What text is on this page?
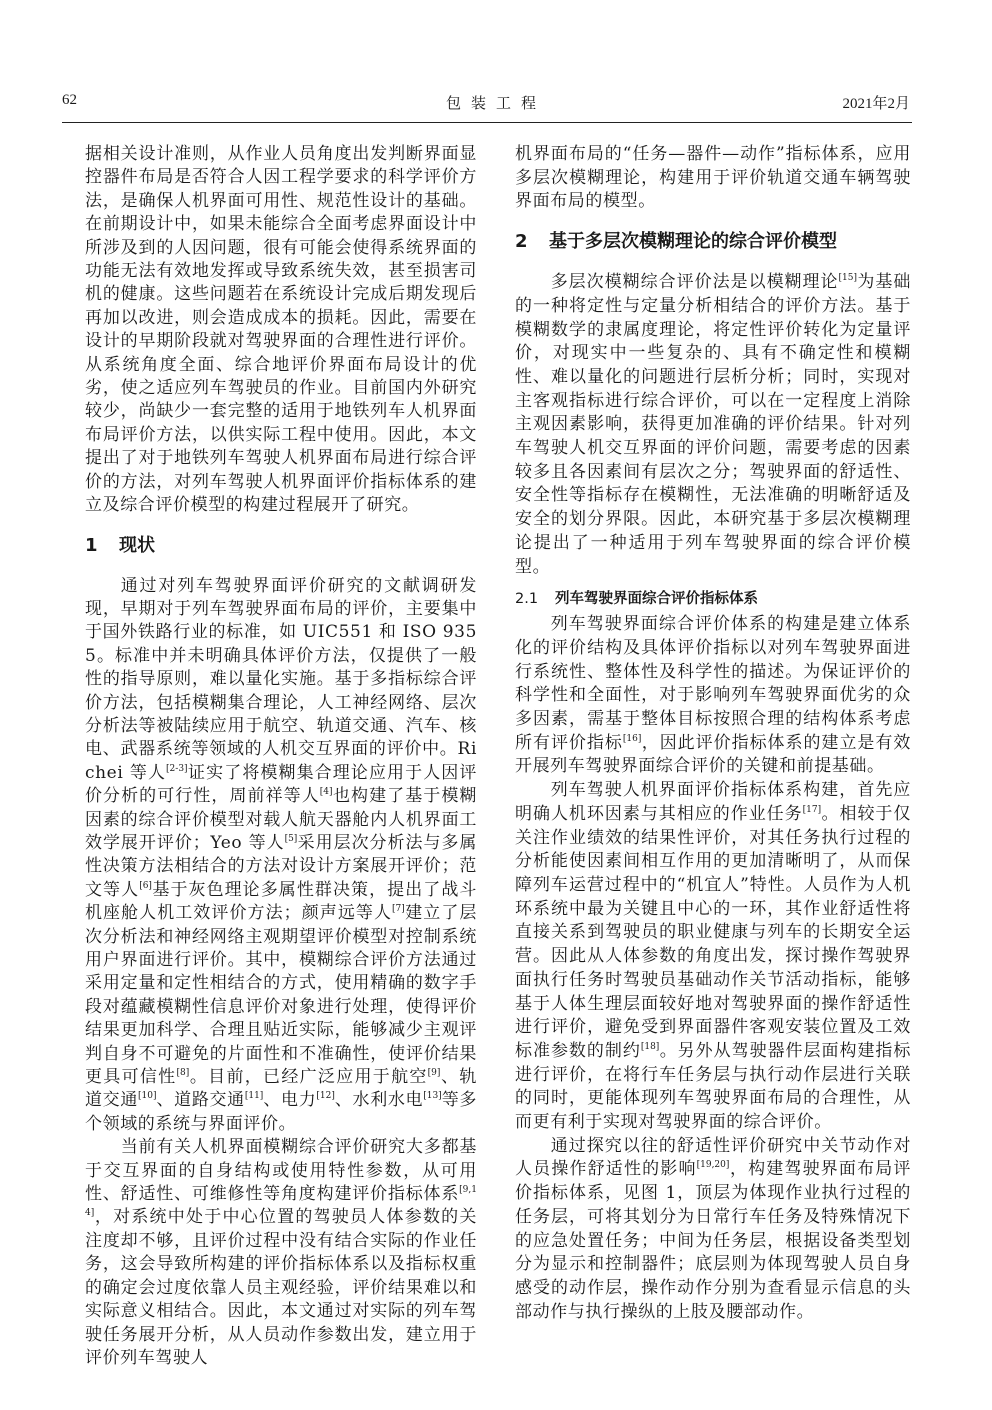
62	包装工程	2021年2月
据相关设计准则，从作业人员角度出发判断界面显控器件布局是否符合人因工程学要求的科学评价方法，是确保人机界面可用性、规范性设计的基础。在前期设计中，如果未能综合全面考虑界面设计中所涉及到的人因问题，很有可能会使得系统界面的功能无法有效地发挥或导致系统失效，甚至损害司机的健康。这些问题若在系统设计完成后期发现后再加以改进，则会造成成本的损耗。因此，需要在设计的早期阶段就对驾驶界面的合理性进行评价。从系统角度全面、综合地评价界面布局设计的优劣，使之适应列车驾驶员的作业。目前国内外研究较少，尚缺少一套完整的适用于地铁列车人机界面布局评价方法，以供实际工程中使用。因此，本文提出了对于地铁列车驾驶人机界面布局进行综合评价的方法，对列车驾驶人机界面评价指标体系的建立及综合评价模型的构建过程展开了研究。
1 现状
通过对列车驾驶界面评价研究的文献调研发现，早期对于列车驾驶界面布局的评价，主要集中于国外铁路行业的标准，如 UIC551 和 ISO 9355。标准中并未明确具体评价方法，仅提供了一般性的指导原则，难以量化实施。基于多指标综合评价方法，包括模糊集合理论，人工神经网络、层次分析法等被陆续应用于航空、轨道交通、汽车、核电、武器系统等领域的人机交互界面的评价中。Richei 等人[2-3]证实了将模糊集合理论应用于人因评价分析的可行性，周前祥等人[4]也构建了基于模糊因素的综合评价模型对载人航天器舱内人机界面工效学展开评价；Yeo 等人[5]采用层次分析法与多属性决策方法相结合的方法对设计方案展开评价；范文等人[6]基于灰色理论多属性群决策，提出了战斗机座舱人机工效评价方法；颜声远等人[7]建立了层次分析法和神经网络主观期望评价模型对控制系统用户界面进行评价。其中，模糊综合评价方法通过采用定量和定性相结合的方式，使用精确的数字手段对蕴藏模糊性信息评价对象进行处理，使得评价结果更加科学、合理且贴近实际，能够减少主观评判自身不可避免的片面性和不准确性，使评价结果更具可信性[8]。目前，已经广泛应用于航空[9]、轨道交通[10]、道路交通[11]、电力[12]、水利水电[13]等多个领域的系统与界面评价。
当前有关人机界面模糊综合评价研究大多都基于交互界面的自身结构或使用特性参数，从可用性、舒适性、可维修性等角度构建评价指标体系[9,14]，对系统中处于中心位置的驾驶员人体参数的关注度却不够，且评价过程中没有结合实际的作业任务，这会导致所构建的评价指标体系以及指标权重的确定会过度依靠人员主观经验，评价结果难以和实际意义相结合。因此，本文通过对实际的列车驾驶任务展开分析，从人员动作参数出发，建立用于评价列车驾驶人
机界面布局的“任务—器件—动作”指标体系，应用多层次模糊理论，构建用于评价轨道交通车辆驾驶界面布局的模型。
2 基于多层次模糊理论的综合评价模型
多层次模糊综合评价法是以模糊理论[15]为基础的一种将定性与定量分析相结合的评价方法。基于模糊数学的隶属度理论，将定性评价转化为定量评价，对现实中一些复杂的、具有不确定性和模糊性、难以量化的问题进行层析分析；同时，实现对主客观指标进行综合评价，可以在一定程度上消除主观因素影响，获得更加准确的评价结果。针对列车驾驶人机交互界面的评价问题，需要考虑的因素较多且各因素间有层次之分；驾驶界面的舒适性、安全性等指标存在模糊性，无法准确的明晰舒适及安全的划分界限。因此，本研究基于多层次模糊理论提出了一种适用于列车驾驶界面的综合评价模型。
2.1 列车驾驶界面综合评价指标体系
列车驾驶界面综合评价体系的构建是建立体系化的评价结构及具体评价指标以对列车驾驶界面进行系统性、整体性及科学性的描述。为保证评价的科学性和全面性，对于影响列车驾驶界面优劣的众多因素，需基于整体目标按照合理的结构体系考虑所有评价指标[16]，因此评价指标体系的建立是有效开展列车驾驶界面综合评价的关键和前提基础。
列车驾驶人机界面评价指标体系构建，首先应明确人机环因素与其相应的作业任务[17]。相较于仅关注作业绩效的结果性评价，对其任务执行过程的分析能使因素间相互作用的更加清晰明了，从而保障列车运营过程中的“机宜人”特性。人员作为人机环系统中最为关键且中心的一环，其作业舒适性将直接关系到驾驶员的职业健康与列车的长期安全运营。因此从人体参数的角度出发，探讨操作驾驶界面执行任务时驾驶员基础动作关节活动指标，能够基于人体生理层面较好地对驾驶界面的操作舒适性进行评价，避免受到界面器件客观安装位置及工效标准参数的制约[18]。另外从驾驶器件层面构建指标进行评价，在将行车任务层与执行动作层进行关联的同时，更能体现列车驾驶界面布局的合理性，从而更有利于实现对驾驶界面的综合评价。
通过探究以往的舒适性评价研究中关节动作对人员操作舒适性的影响[19,20]，构建驾驶界面布局评价指标体系，见图 1，顶层为体现作业执行过程的任务层，可将其划分为日常行车任务及特殊情况下的应急处置任务；中间为任务层，根据设备类型划分为显示和控制器件；底层则为体现驾驶人员自身感受的动作层，操作动作分别为查看显示信息的头部动作与执行操纵的上肢及腰部动作。
